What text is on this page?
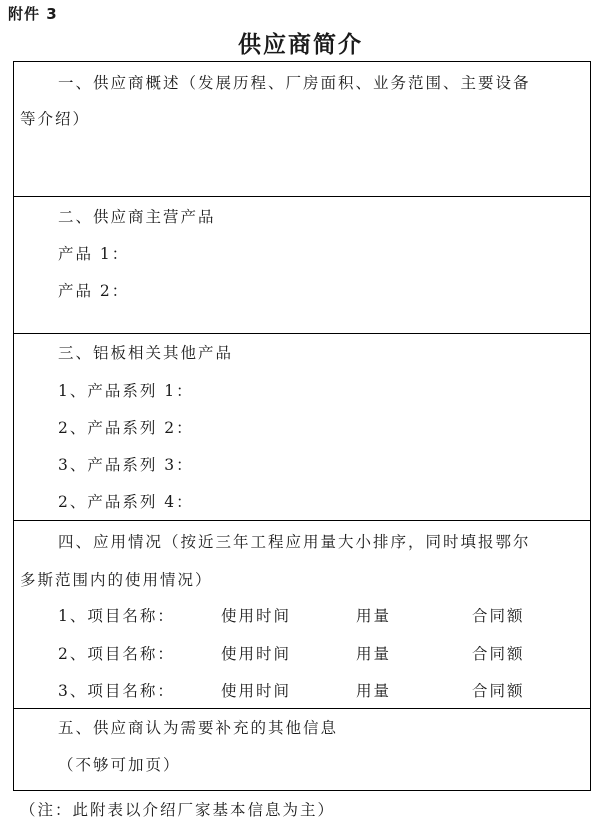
附件 3
供应商简介
一、供应商概述（发展历程、厂房面积、业务范围、主要设备
等介绍）
二、供应商主营产品
产品 1：
产品 2：
三、铝板相关其他产品
1、产品系列 1：
2、产品系列 2：
3、产品系列 3：
2、产品系列 4：
四、应用情况（按近三年工程应用量大小排序，同时填报鄂尔
多斯范围内的使用情况）
1、项目名称：	使用时间	用量	合同额
2、项目名称：	使用时间	用量	合同额
3、项目名称：	使用时间	用量	合同额
五、供应商认为需要补充的其他信息
（不够可加页）
（注：此附表以介绍厂家基本信息为主）
